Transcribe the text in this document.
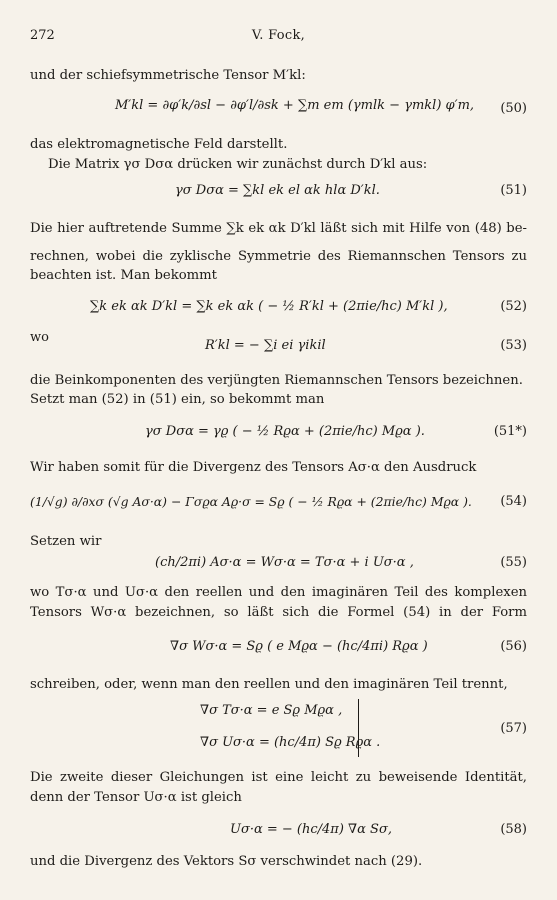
272	V. Fock,
und der schiefsymmetrische Tensor M′kl:
M′kl = ∂φ′k/∂sl − ∂φ′l/∂sk + ∑m em (γmlk − γmkl) φ′m, (50)
das elektromagnetische Feld darstellt.
Die Matrix γσ Dσα drücken wir zunächst durch D′kl aus:
γσ Dσα = ∑kl ek el αk hlα D′kl.	(51)
Die hier auftretende Summe ∑k ek αk D′kl läßt sich mit Hilfe von (48) be-
rechnen, wobei die zyklische Symmetrie des Riemannschen Tensors zu
beachten ist. Man bekommt
∑k ek αk D′kl = ∑k ek αk ( − ½ R′kl + (2πie/hc) M′kl ),	(52)
wo
R′kl = − ∑i ei γikil	(53)
die Beinkomponenten des verjüngten Riemannschen Tensors bezeichnen.
Setzt man (52) in (51) ein, so bekommt man
γσ Dσα = γϱ ( − ½ Rϱα + (2πie/hc) Mϱα ).	(51*)
Wir haben somit für die Divergenz des Tensors Aσ·α den Ausdruck
(1/√g) ∂/∂xσ (√g Aσ·α) − Γσϱα Aϱ·σ = Sϱ ( − ½ Rϱα + (2πie/hc) Mϱα ). (54)
Setzen wir
(ch/2πi) Aσ·α = Wσ·α = Tσ·α + i Uσ·α ,	(55)
wo Tσ·α und Uσ·α den reellen und den imaginären Teil des komplexen
Tensors Wσ·α bezeichnen, so läßt sich die Formel (54) in der Form
∇σ Wσ·α = Sϱ ( e Mϱα − (hc/4πi) Rϱα )	(56)
schreiben, oder, wenn man den reellen und den imaginären Teil trennt,
∇σ Tσ·α = e Sϱ Mϱα ,
∇σ Uσ·α = (hc/4π) Sϱ Rϱα .
(57)
Die zweite dieser Gleichungen ist eine leicht zu beweisende Identität,
denn der Tensor Uσ·α ist gleich
Uσ·α = − (hc/4π) ∇α Sσ,	(58)
und die Divergenz des Vektors Sσ verschwindet nach (29).
